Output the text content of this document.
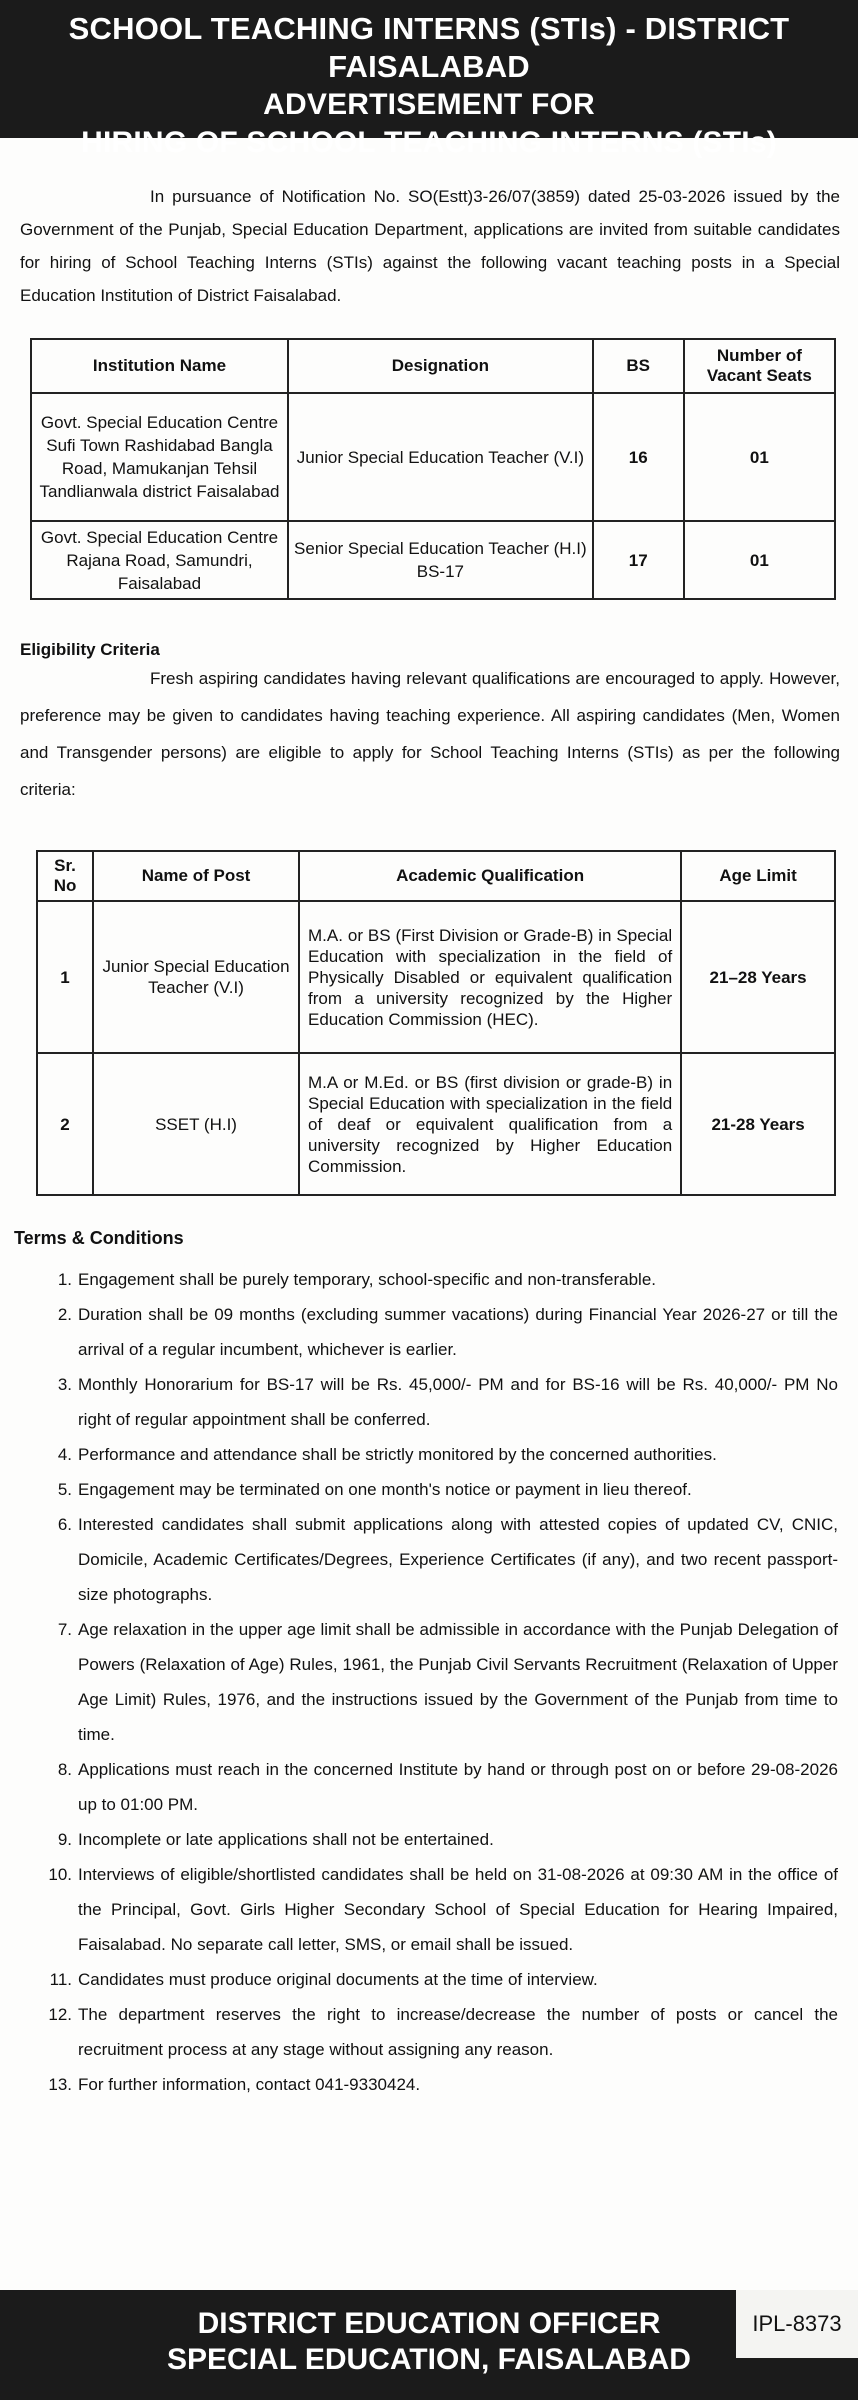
SCHOOL TEACHING INTERNS (STIs) - DISTRICT FAISALABAD
ADVERTISEMENT FOR
HIRING OF SCHOOL TEACHING INTERNS (STIs)
In pursuance of Notification No. SO(Estt)3-26/07(3859) dated 25-03-2026 issued by the Government of the Punjab, Special Education Department, applications are invited from suitable candidates for hiring of School Teaching Interns (STIs) against the following vacant teaching posts in a Special Education Institution of District Faisalabad.
Institution Name	Designation	BS	Number of Vacant Seats
Govt. Special Education Centre Sufi Town Rashidabad Bangla Road, Mamukanjan Tehsil Tandlianwala district Faisalabad	Junior Special Education Teacher (V.I)	16	01
Govt. Special Education Centre Rajana Road, Samundri, Faisalabad	Senior Special Education Teacher (H.I) BS-17	17	01
Eligibility Criteria
Fresh aspiring candidates having relevant qualifications are encouraged to apply. However, preference may be given to candidates having teaching experience. All aspiring candidates (Men, Women and Transgender persons) are eligible to apply for School Teaching Interns (STIs) as per the following criteria:
Sr. No	Name of Post	Academic Qualification	Age Limit
1	Junior Special Education Teacher (V.I)	M.A. or BS (First Division or Grade-B) in Special Education with specialization in the field of Physically Disabled or equivalent qualification from a university recognized by the Higher Education Commission (HEC).	21–28 Years
2	SSET (H.I)	M.A or M.Ed. or BS (first division or grade-B) in Special Education with specialization in the field of deaf or equivalent qualification from a university recognized by Higher Education Commission.	21-28 Years
Terms & Conditions
1. Engagement shall be purely temporary, school-specific and non-transferable.
2. Duration shall be 09 months (excluding summer vacations) during Financial Year 2026-27 or till the arrival of a regular incumbent, whichever is earlier.
3. Monthly Honorarium for BS-17 will be Rs. 45,000/- PM and for BS-16 will be Rs. 40,000/- PM No right of regular appointment shall be conferred.
4. Performance and attendance shall be strictly monitored by the concerned authorities.
5. Engagement may be terminated on one month's notice or payment in lieu thereof.
6. Interested candidates shall submit applications along with attested copies of updated CV, CNIC, Domicile, Academic Certificates/Degrees, Experience Certificates (if any), and two recent passport-size photographs.
7. Age relaxation in the upper age limit shall be admissible in accordance with the Punjab Delegation of Powers (Relaxation of Age) Rules, 1961, the Punjab Civil Servants Recruitment (Relaxation of Upper Age Limit) Rules, 1976, and the instructions issued by the Government of the Punjab from time to time.
8. Applications must reach in the concerned Institute by hand or through post on or before 29-08-2026 up to 01:00 PM.
9. Incomplete or late applications shall not be entertained.
10. Interviews of eligible/shortlisted candidates shall be held on 31-08-2026 at 09:30 AM in the office of the Principal, Govt. Girls Higher Secondary School of Special Education for Hearing Impaired, Faisalabad. No separate call letter, SMS, or email shall be issued.
11. Candidates must produce original documents at the time of interview.
12. The department reserves the right to increase/decrease the number of posts or cancel the recruitment process at any stage without assigning any reason.
13. For further information, contact 041-9330424.
DISTRICT EDUCATION OFFICER
SPECIAL EDUCATION, FAISALABAD
IPL-8373
